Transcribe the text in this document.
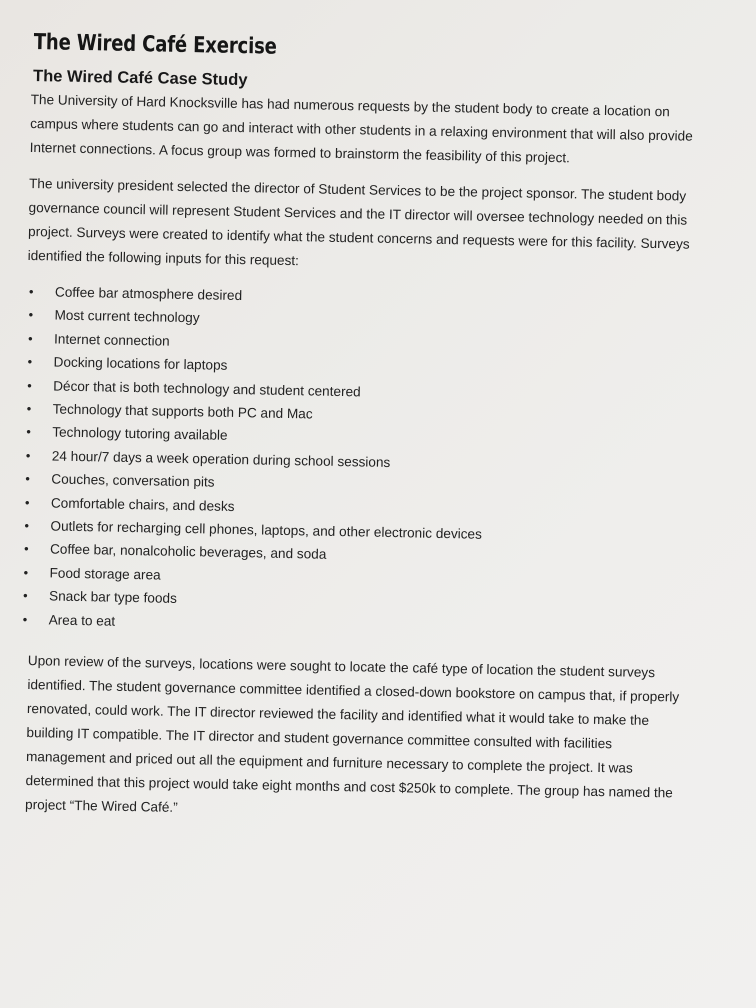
The Wired Café Exercise
The Wired Café Case Study

The University of Hard Knocksville has had numerous requests by the student body to create a location on campus where students can go and interact with other students in a relaxing environment that will also provide Internet connections. A focus group was formed to brainstorm the feasibility of this project.

The university president selected the director of Student Services to be the project sponsor. The student body governance council will represent Student Services and the IT director will oversee technology needed on this project. Surveys were created to identify what the student concerns and requests were for this facility. Surveys identified the following inputs for this request:

• Coffee bar atmosphere desired
• Most current technology
• Internet connection
• Docking locations for laptops
• Décor that is both technology and student centered
• Technology that supports both PC and Mac
• Technology tutoring available
• 24 hour/7 days a week operation during school sessions
• Couches, conversation pits
• Comfortable chairs, and desks
• Outlets for recharging cell phones, laptops, and other electronic devices
• Coffee bar, nonalcoholic beverages, and soda
• Food storage area
• Snack bar type foods
• Area to eat

Upon review of the surveys, locations were sought to locate the café type of location the student surveys identified. The student governance committee identified a closed-down bookstore on campus that, if properly renovated, could work. The IT director reviewed the facility and identified what it would take to make the building IT compatible. The IT director and student governance committee consulted with facilities management and priced out all the equipment and furniture necessary to complete the project. It was determined that this project would take eight months and cost $250k to complete. The group has named the project “The Wired Café.”
